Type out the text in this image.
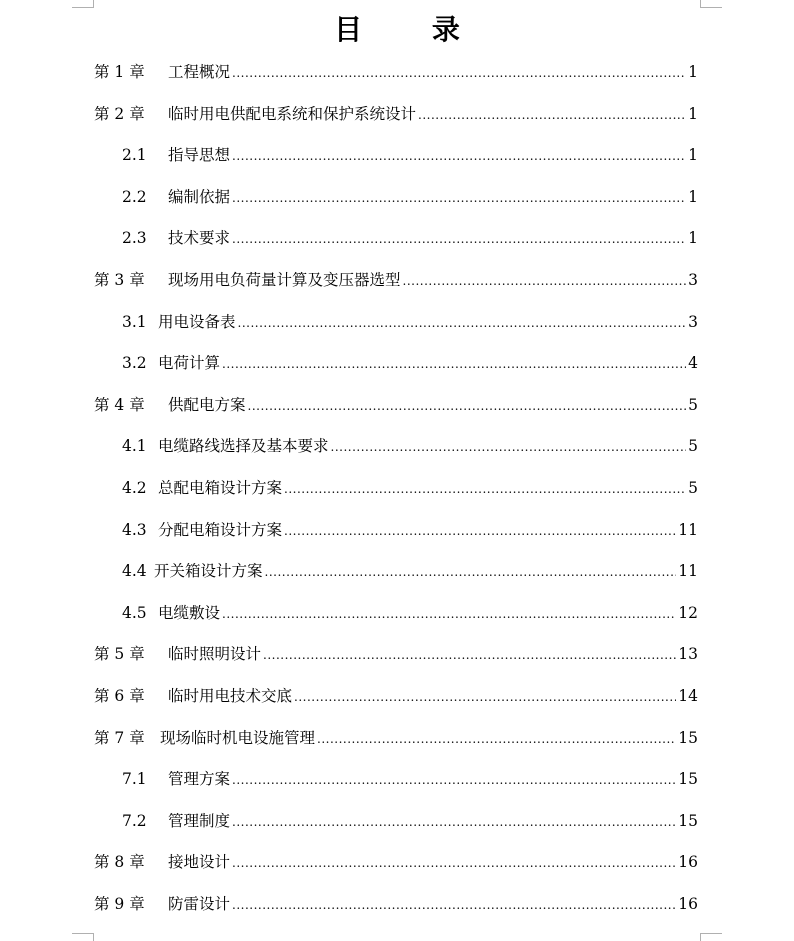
目 录
第 1 章	工程概况 .....	1
第 2 章	临时用电供配电系统和保护系统设计 .....	1
2.1	指导思想 .....	1
2.2	编制依据 .....	1
2.3	技术要求 .....	1
第 3 章	现场用电负荷量计算及变压器选型 .....	3
3.1 用电设备表 .....	3
3.2 电荷计算 .....	4
第 4 章	供配电方案 .....	5
4.1 电缆路线选择及基本要求 .....	5
4.2 总配电箱设计方案 .....	5
4.3 分配电箱设计方案 .....	11
4.4 开关箱设计方案 .....	11
4.5 电缆敷设 .....	12
第 5 章	临时照明设计 .....	13
第 6 章	临时用电技术交底 .....	14
第 7 章 现场临时机电设施管理 .....	15
7.1	管理方案 .....	15
7.2	管理制度 .....	15
第 8 章	接地设计 .....	16
第 9 章	防雷设计 .....	16
